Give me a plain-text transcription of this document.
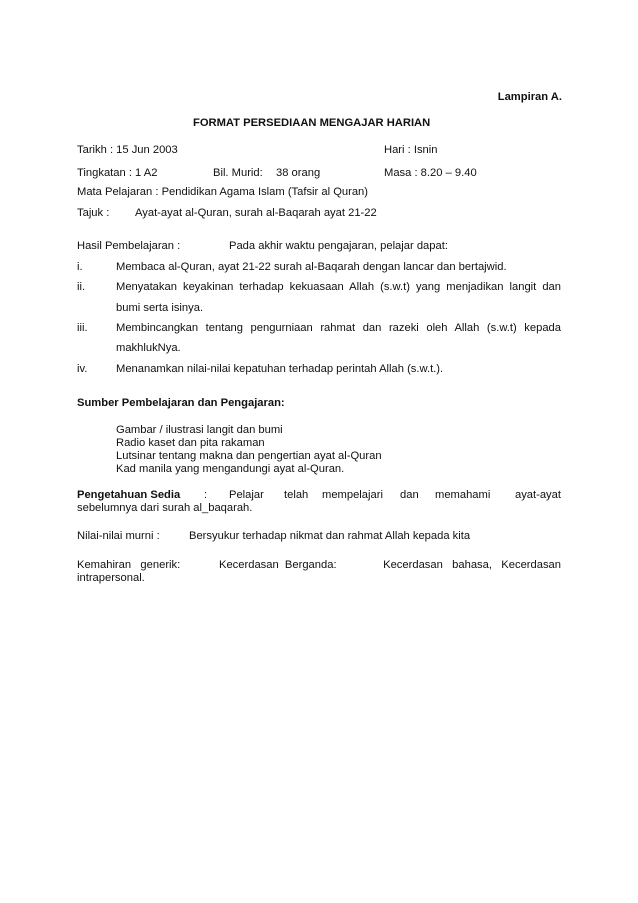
Lampiran A.
FORMAT PERSEDIAAN MENGAJAR HARIAN
Tarikh : 15 Jun 2003	Hari : Isnin
Tingkatan : 1 A2	Bil. Murid: 38 orang	Masa : 8.20 – 9.40
Mata Pelajaran : Pendidikan Agama Islam (Tafsir al Quran)
Tajuk : Ayat-ayat al-Quran, surah al-Baqarah ayat 21-22
Hasil Pembelajaran :	Pada akhir waktu pengajaran, pelajar dapat:
i.	Membaca al-Quran, ayat 21-22 surah al-Baqarah dengan lancar dan bertajwid.
ii.	Menyatakan keyakinan terhadap kekuasaan Allah (s.w.t) yang menjadikan langit dan
bumi serta isinya.
iii.	Membincangkan tentang pengurniaan rahmat dan razeki oleh Allah (s.w.t) kepada
makhlukNya.
iv.	Menanamkan nilai-nilai kepatuhan terhadap perintah Allah (s.w.t.).
Sumber Pembelajaran dan Pengajaran:
Gambar / ilustrasi langit dan bumi
Radio kaset dan pita rakaman
Lutsinar tentang makna dan pengertian ayat al-Quran
Kad manila yang mengandungi ayat al-Quran.
Pengetahuan Sedia : Pelajar telah mempelajari dan memahami ayat-ayat
sebelumnya dari surah al_baqarah.
Nilai-nilai murni :	Bersyukur terhadap nikmat dan rahmat Allah kepada kita
Kemahiran   generik:	Kecerdasan  Berganda:	Kecerdasan   bahasa,   Kecerdasan
intrapersonal.
